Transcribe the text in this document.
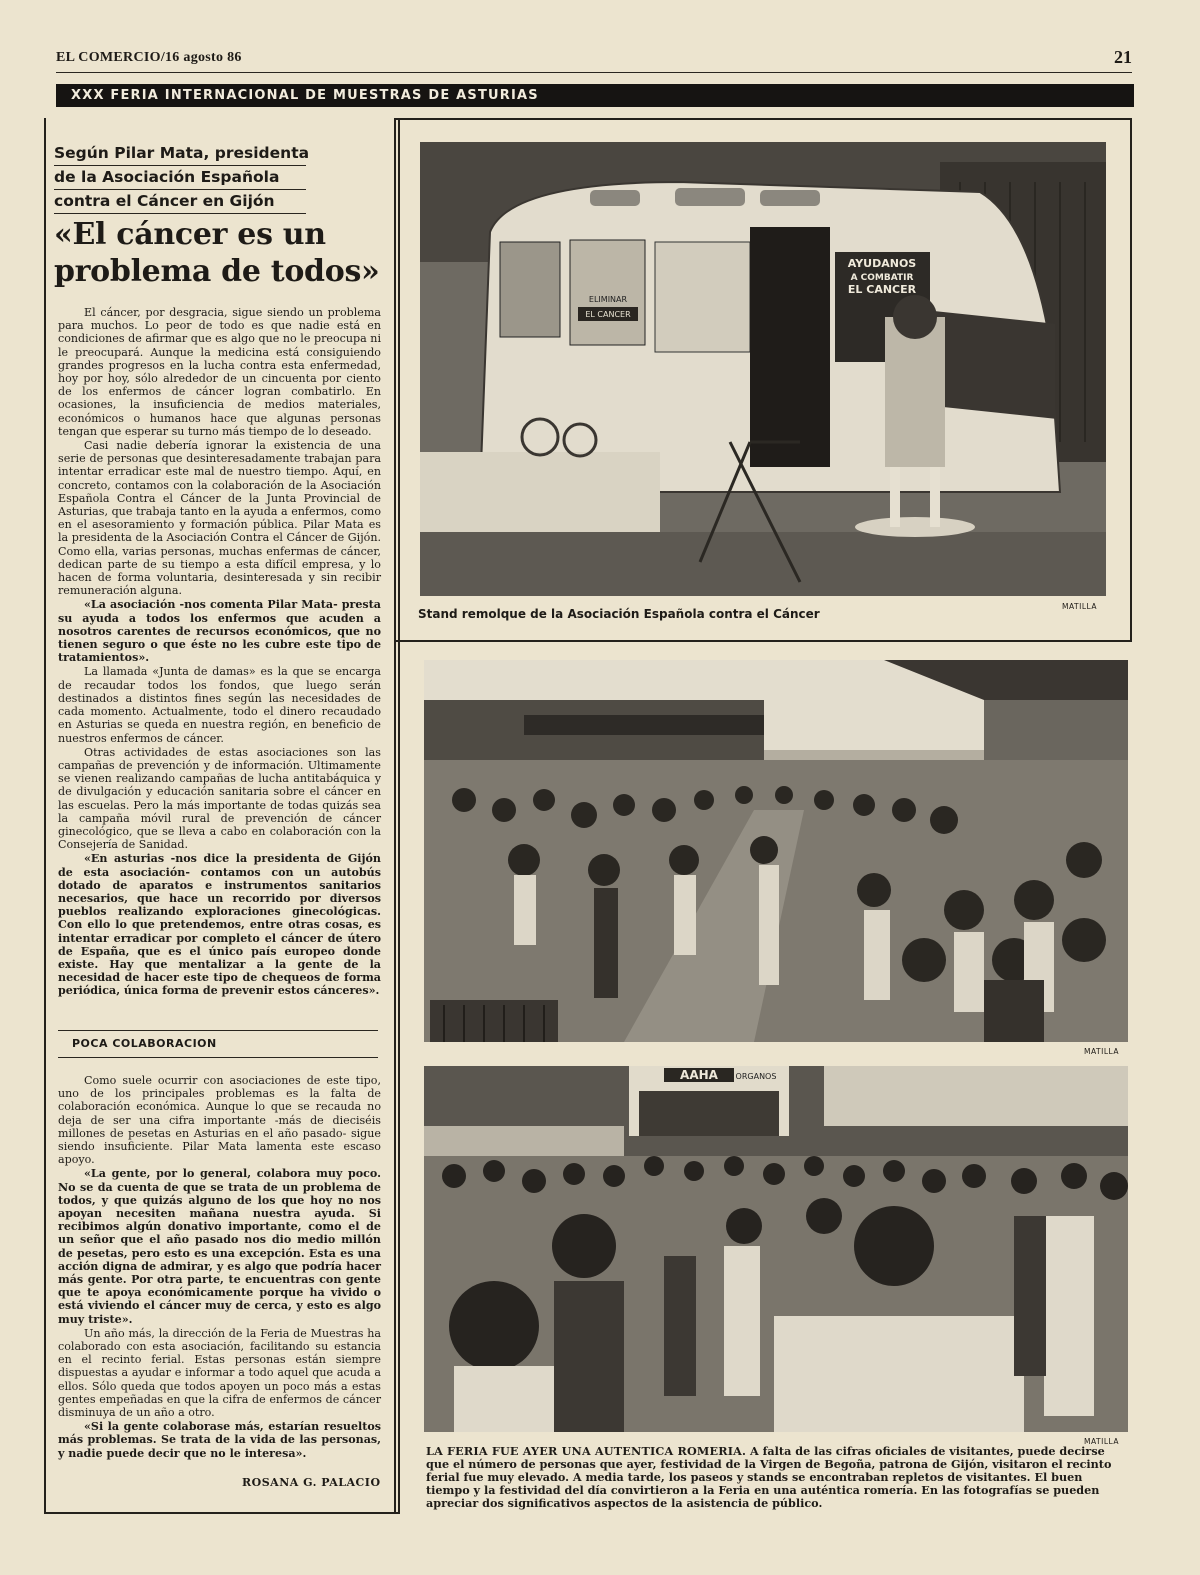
EL COMERCIO/16 agosto 86	21
XXX FERIA INTERNACIONAL DE MUESTRAS DE ASTURIAS
Según Pilar Mata, presidenta
de la Asociación Española
contra el Cáncer en Gijón
«El cáncer es un
problema de todos»

El cáncer, por desgracia, sigue siendo un problema para muchos. Lo peor de todo es que nadie está en condiciones de afirmar que es algo que no le preocupa ni le preocupará. Aunque la medicina está consiguiendo grandes progresos en la lucha contra esta enfermedad, hoy por hoy, sólo alrededor de un cincuenta por ciento de los enfermos de cáncer logran combatirlo. En ocasiones, la insuficiencia de medios materiales, económicos o humanos hace que algunas personas tengan que esperar su turno más tiempo de lo deseado.

Casi nadie debería ignorar la existencia de una serie de personas que desinteresadamente trabajan para intentar erradicar este mal de nuestro tiempo. Aquí, en concreto, contamos con la colaboración de la Asociación Española Contra el Cáncer de la Junta Provincial de Asturias, que trabaja tanto en la ayuda a enfermos, como en el asesoramiento y formación pública. Pilar Mata es la presidenta de la Asociación Contra el Cáncer de Gijón. Como ella, varias personas, muchas enfermas de cáncer, dedican parte de su tiempo a esta difícil empresa, y lo hacen de forma voluntaria, desinteresada y sin recibir remuneración alguna.

«La asociación -nos comenta Pilar Mata- presta su ayuda a todos los enfermos que acuden a nosotros carentes de recursos económicos, que no tienen seguro o que éste no les cubre este tipo de tratamientos».

La llamada «Junta de damas» es la que se encarga de recaudar todos los fondos, que luego serán destinados a distintos fines según las necesidades de cada momento. Actualmente, todo el dinero recaudado en Asturias se queda en nuestra región, en beneficio de nuestros enfermos de cáncer.

Otras actividades de estas asociaciones son las campañas de prevención y de información. Ultimamente se vienen realizando campañas de lucha antitabáquica y de divulgación y educación sanitaria sobre el cáncer en las escuelas. Pero la más importante de todas quizás sea la campaña móvil rural de prevención de cáncer ginecológico, que se lleva a cabo en colaboración con la Consejería de Sanidad.

«En asturias -nos dice la presidenta de Gijón de esta asociación- contamos con un autobús dotado de aparatos e instrumentos sanitarios necesarios, que hace un recorrido por diversos pueblos realizando exploraciones ginecológicas. Con ello lo que pretendemos, entre otras cosas, es intentar erradicar por completo el cáncer de útero de España, que es el único país europeo donde existe. Hay que mentalizar a la gente de la necesidad de hacer este tipo de chequeos de forma periódica, única forma de prevenir estos cánceres».

POCA COLABORACION

Como suele ocurrir con asociaciones de este tipo, uno de los principales problemas es la falta de colaboración económica. Aunque lo que se recauda no deja de ser una cifra importante -más de dieciséis millones de pesetas en Asturias en el año pasado- sigue siendo insuficiente. Pilar Mata lamenta este escaso apoyo.

«La gente, por lo general, colabora muy poco. No se da cuenta de que se trata de un problema de todos, y que quizás alguno de los que hoy no nos apoyan necesiten mañana nuestra ayuda. Si recibimos algún donativo importante, como el de un señor que el año pasado nos dio medio millón de pesetas, pero esto es una excepción. Esta es una acción digna de admirar, y es algo que podría hacer más gente. Por otra parte, te encuentras con gente que te apoya económicamente porque ha vivido o está viviendo el cáncer muy de cerca, y esto es algo muy triste».

Un año más, la dirección de la Feria de Muestras ha colaborado con esta asociación, facilitando su estancia en el recinto ferial. Estas personas están siempre dispuestas a ayudar e informar a todo aquel que acuda a ellos. Sólo queda que todos apoyen un poco más a estas gentes empeñadas en que la cifra de enfermos de cáncer disminuya de un año a otro.

«Si la gente colaborase más, estarían resueltos más problemas. Se trata de la vida de las personas, y nadie puede decir que no le interesa».

ROSANA G. PALACIO
ELIMINAR
EL CANCER
AYUDANOS
A COMBATIR
EL CANCER
MATILLA
Stand remolque de la Asociación Española contra el Cáncer
MATILLA
AAHA ORGANOS
MATILLA
LA FERIA FUE AYER UNA AUTENTICA ROMERIA. A falta de las cifras oficiales de visitantes, puede decirse que el número de personas que ayer, festividad de la Virgen de Begoña, patrona de Gijón, visitaron el recinto ferial fue muy elevado. A media tarde, los paseos y stands se encontraban repletos de visitantes. El buen tiempo y la festividad del día convirtieron a la Feria en una auténtica romería. En las fotografías se pueden apreciar dos significativos aspectos de la asistencia de público.
